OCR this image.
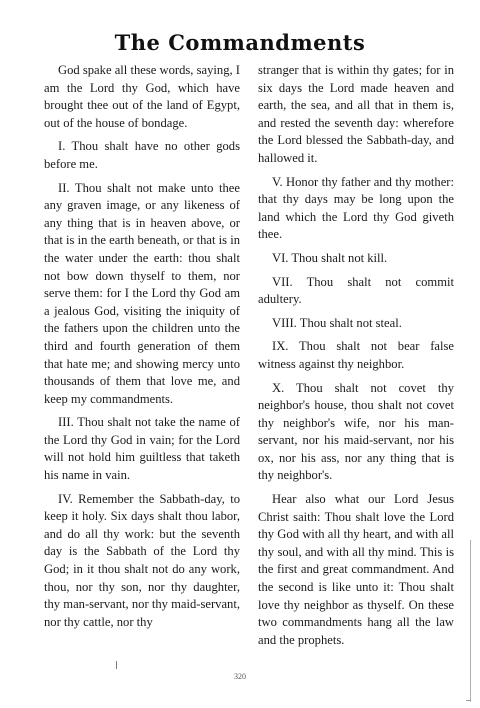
The Commandments

God spake all these words, saying, I am the Lord thy God, which have brought thee out of the land of Egypt, out of the house of bondage.

I. Thou shalt have no other gods before me.

II. Thou shalt not make unto thee any graven image, or any likeness of any thing that is in heaven above, or that is in the earth beneath, or that is in the water under the earth: thou shalt not bow down thyself to them, nor serve them: for I the Lord thy God am a jealous God, visiting the iniquity of the fathers upon the children unto the third and fourth generation of them that hate me; and showing mercy unto thousands of them that love me, and keep my commandments.

III. Thou shalt not take the name of the Lord thy God in vain; for the Lord will not hold him guiltless that taketh his name in vain.

IV. Remember the Sabbath-day, to keep it holy. Six days shalt thou labor, and do all thy work: but the seventh day is the Sabbath of the Lord thy God; in it thou shalt not do any work, thou, nor thy son, nor thy daughter, thy man-servant, nor thy maid-servant, nor thy cattle, nor thy

stranger that is within thy gates; for in six days the Lord made heaven and earth, the sea, and all that in them is, and rested the seventh day: wherefore the Lord blessed the Sabbath-day, and hallowed it.

V. Honor thy father and thy mother: that thy days may be long upon the land which the Lord thy God giveth thee.

VI. Thou shalt not kill.

VII. Thou shalt not commit adultery.

VIII. Thou shalt not steal.

IX. Thou shalt not bear false witness against thy neighbor.

X. Thou shalt not covet thy neighbor's house, thou shalt not covet thy neighbor's wife, nor his man-servant, nor his maid-servant, nor his ox, nor his ass, nor any thing that is thy neighbor's.

Hear also what our Lord Jesus Christ saith: Thou shalt love the Lord thy God with all thy heart, and with all thy soul, and with all thy mind. This is the first and great commandment. And the second is like unto it: Thou shalt love thy neighbor as thyself. On these two commandments hang all the law and the prophets.

320
